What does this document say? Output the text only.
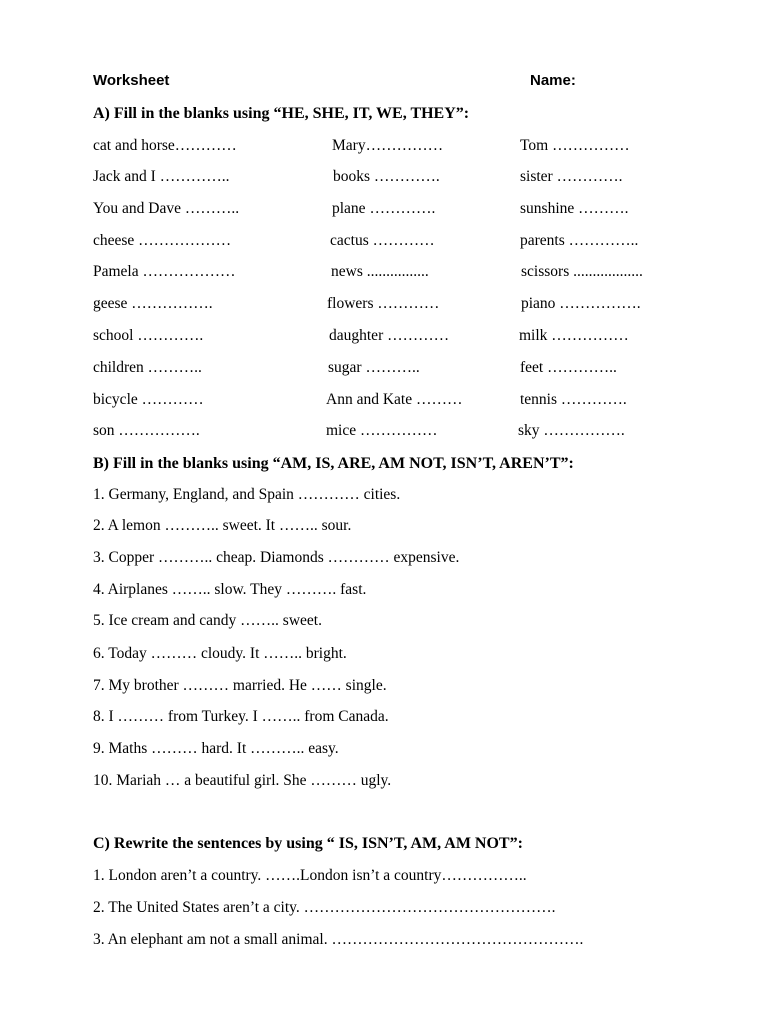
Worksheet	Name:
A) Fill in the blanks using “HE, SHE, IT, WE, THEY”:
cat and horse…………	Mary……………	Tom ……………
Jack and I …………..	books ………….	sister ………….
You and Dave ………..	plane ………….	sunshine ……….
cheese ………………	cactus …………	parents …………..
Pamela ………………	news ................	scissors ..................
geese …………….	flowers …………	piano …………….
school ………….	daughter …………	milk ……………
children ………..	sugar ………..	feet …………..
bicycle …………	Ann and Kate ………	tennis ………….
son …………….	mice ……………	sky …………….
B) Fill in the blanks using “AM, IS, ARE, AM NOT, ISN’T, AREN’T”:
1. Germany, England, and Spain ………… cities.
2. A lemon ……….. sweet. It …….. sour.
3. Copper ……….. cheap. Diamonds ………… expensive.
4. Airplanes …….. slow. They ………. fast.
5. Ice cream and candy …….. sweet.
6. Today ……… cloudy. It …….. bright.
7. My brother ……… married. He …… single.
8. I ……… from Turkey. I …….. from Canada.
9. Maths ……… hard. It ……….. easy.
10. Mariah … a beautiful girl. She ……… ugly.
C) Rewrite the sentences by using “ IS, ISN’T, AM, AM NOT”:
1. London aren’t a country. …….London isn’t a country……………..
2. The United States aren’t a city. ………………………………………….
3. An elephant am not a small animal. ………………………………………….
